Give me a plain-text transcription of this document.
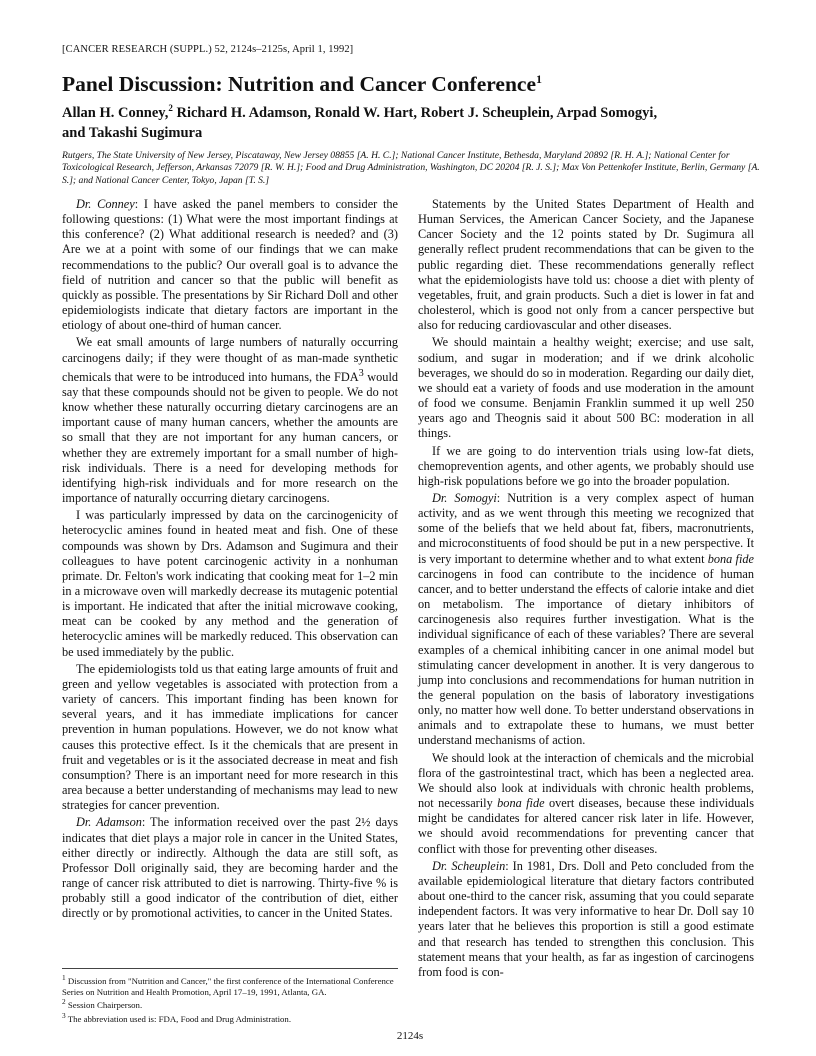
[CANCER RESEARCH (SUPPL.) 52, 2124s–2125s, April 1, 1992]
Panel Discussion: Nutrition and Cancer Conference$^1$
Allan H. Conney,$^2$ Richard H. Adamson, Ronald W. Hart, Robert J. Scheuplein, Arpad Somogyi,
and Takashi Sugimura
Rutgers, The State University of New Jersey, Piscataway, New Jersey 08855 [A. H. C.]; National Cancer Institute, Bethesda, Maryland 20892 [R. H. A.]; National Center for Toxicological Research, Jefferson, Arkansas 72079 [R. W. H.]; Food and Drug Administration, Washington, DC 20204 [R. J. S.]; Max Von Pettenkofer Institute, Berlin, Germany [A. S.]; and National Cancer Center, Tokyo, Japan [T. S.]

Dr. Conney: I have asked the panel members to consider the following questions: (1) What were the most important findings at this conference? (2) What additional research is needed? and (3) Are we at a point with some of our findings that we can make recommendations to the public? Our overall goal is to advance the field of nutrition and cancer so that the public will benefit as quickly as possible. The presentations by Sir Richard Doll and other epidemiologists indicate that dietary factors are important in the etiology of about one-third of human cancer.

We eat small amounts of large numbers of naturally occurring carcinogens daily; if they were thought of as man-made synthetic chemicals that were to be introduced into humans, the FDA$^3$ would say that these compounds should not be given to people. We do not know whether these naturally occurring dietary carcinogens are an important cause of many human cancers, whether the amounts are so small that they are not important for any human cancers, or whether they are extremely important for a small number of high-risk individuals. There is a need for developing methods for identifying high-risk individuals and for more research on the importance of naturally occurring dietary carcinogens.

I was particularly impressed by data on the carcinogenicity of heterocyclic amines found in heated meat and fish. One of these compounds was shown by Drs. Adamson and Sugimura and their colleagues to have potent carcinogenic activity in a nonhuman primate. Dr. Felton's work indicating that cooking meat for 1–2 min in a microwave oven will markedly decrease its mutagenic potential is important. He indicated that after the initial microwave cooking, meat can be cooked by any method and the generation of heterocyclic amines will be markedly reduced. This observation can be used immediately by the public.

The epidemiologists told us that eating large amounts of fruit and green and yellow vegetables is associated with protection from a variety of cancers. This important finding has been known for several years, and it has immediate implications for cancer prevention in human populations. However, we do not know what causes this protective effect. Is it the chemicals that are present in fruit and vegetables or is it the associated decrease in meat and fish consumption? There is an important need for more research in this area because a better understanding of mechanisms may lead to new strategies for cancer prevention.

Dr. Adamson: The information received over the past 2½ days indicates that diet plays a major role in cancer in the United States, either directly or indirectly. Although the data are still soft, as Professor Doll originally said, they are becoming harder and the range of cancer risk attributed to diet is narrowing. Thirty-five % is probably still a good indicator of the contribution of diet, either directly or by promotional activities, to cancer in the United States.

Statements by the United States Department of Health and Human Services, the American Cancer Society, and the Japanese Cancer Society and the 12 points stated by Dr. Sugimura all generally reflect prudent recommendations that can be given to the public regarding diet. These recommendations generally reflect what the epidemiologists have told us: choose a diet with plenty of vegetables, fruit, and grain products. Such a diet is lower in fat and cholesterol, which is good not only from a cancer perspective but also for reducing cardiovascular and other diseases.

We should maintain a healthy weight; exercise; and use salt, sodium, and sugar in moderation; and if we drink alcoholic beverages, we should do so in moderation. Regarding our daily diet, we should eat a variety of foods and use moderation in the amount of food we consume. Benjamin Franklin summed it up well 250 years ago and Theognis said it about 500 BC: moderation in all things.

If we are going to do intervention trials using low-fat diets, chemoprevention agents, and other agents, we probably should use high-risk populations before we go into the broader population.

Dr. Somogyi: Nutrition is a very complex aspect of human activity, and as we went through this meeting we recognized that some of the beliefs that we held about fat, fibers, macronutrients, and microconstituents of food should be put in a new perspective. It is very important to determine whether and to what extent bona fide carcinogens in food can contribute to the incidence of human cancer, and to better understand the effects of calorie intake and diet on metabolism. The importance of dietary inhibitors of carcinogenesis also requires further investigation. What is the individual significance of each of these variables? There are several examples of a chemical inhibiting cancer in one animal model but stimulating cancer development in another. It is very dangerous to jump into conclusions and recommendations for human nutrition in the general population on the basis of laboratory investigations only, no matter how well done. To better understand observations in animals and to extrapolate these to humans, we must better understand mechanisms of action.

We should look at the interaction of chemicals and the microbial flora of the gastrointestinal tract, which has been a neglected area. We should also look at individuals with chronic health problems, not necessarily bona fide overt diseases, because these individuals might be candidates for altered cancer risk later in life. However, we should avoid recommendations for preventing cancer that conflict with those for preventing other diseases.

Dr. Scheuplein: In 1981, Drs. Doll and Peto concluded from the available epidemiological literature that dietary factors contributed about one-third to the cancer risk, assuming that you could separate independent factors. It was very informative to hear Dr. Doll say 10 years later that he believes this proportion is still a good estimate and that research has tended to strengthen this conclusion. This statement means that your health, as far as ingestion of carcinogens from food is con-

$^1$ Discussion from "Nutrition and Cancer," the first conference of the International Conference Series on Nutrition and Health Promotion, April 17–19, 1991, Atlanta, GA.
$^2$ Session Chairperson.
$^3$ The abbreviation used is: FDA, Food and Drug Administration.
2124s
